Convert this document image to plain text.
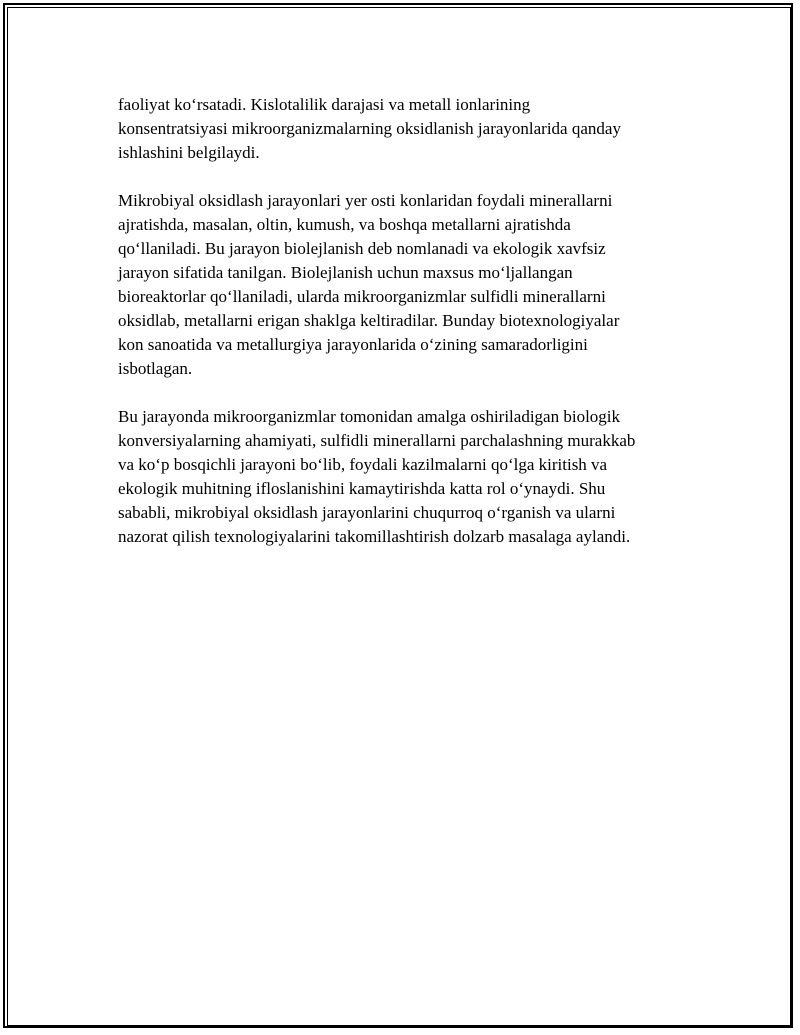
faoliyat ko‘rsatadi. Kislotalilik darajasi va metall ionlarining
konsentratsiyasi mikroorganizmalarning oksidlanish jarayonlarida qanday
ishlashini belgilaydi.

Mikrobiyal oksidlash jarayonlari yer osti konlaridan foydali minerallarni
ajratishda, masalan, oltin, kumush, va boshqa metallarni ajratishda
qo‘llaniladi. Bu jarayon biolejlanish deb nomlanadi va ekologik xavfsiz
jarayon sifatida tanilgan. Biolejlanish uchun maxsus mo‘ljallangan
bioreaktorlar qo‘llaniladi, ularda mikroorganizmlar sulfidli minerallarni
oksidlab, metallarni erigan shaklga keltiradilar. Bunday biotexnologiyalar
kon sanoatida va metallurgiya jarayonlarida o‘zining samaradorligini
isbotlagan.

Bu jarayonda mikroorganizmlar tomonidan amalga oshiriladigan biologik
konversiyalarning ahamiyati, sulfidli minerallarni parchalashning murakkab
va ko‘p bosqichli jarayoni bo‘lib, foydali kazilmalarni qo‘lga kiritish va
ekologik muhitning ifloslanishini kamaytirishda katta rol o‘ynaydi. Shu
sababli, mikrobiyal oksidlash jarayonlarini chuqurroq o‘rganish va ularni
nazorat qilish texnologiyalarini takomillashtirish dolzarb masalaga aylandi.
